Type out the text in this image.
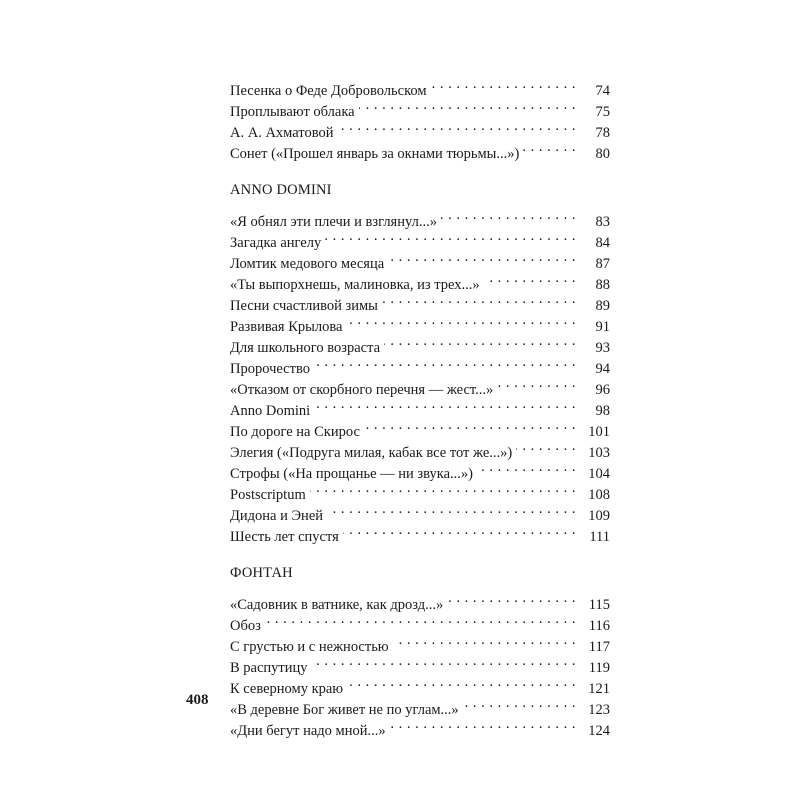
Песенка о Феде Добровольском . . .	74
Проплывают облака . . .	75
А. А. Ахматовой . . .	78
Сонет («Прошел январь за окнами тюрьмы...») . . .	80
ANNO DOMINI
«Я обнял эти плечи и взглянул...» . . .	83
Загадка ангелу . . .	84
Ломтик медового месяца . . .	87
«Ты выпорхнешь, малиновка, из трех...» . . .	88
Песни счастливой зимы . . .	89
Развивая Крылова . . .	91
Для школьного возраста . . .	93
Пророчество . . .	94
«Отказом от скорбного перечня — жест...» . . .	96
Anno Domini . . .	98
По дороге на Скирос . . .	101
Элегия («Подруга милая, кабак все тот же...») . . .	103
Строфы («На прощанье — ни звука...») . . .	104
Postscriptum . . .	108
Дидона и Эней . . .	109
Шесть лет спустя . . .	111
ФОНТАН
«Садовник в ватнике, как дрозд...» . . .	115
Обоз . . .	116
С грустью и с нежностью . . .	117
В распутицу . . .	119
К северному краю . . .	121
«В деревне Бог живет не по углам...» . . .	123
«Дни бегут надо мной...» . . .	124
408
